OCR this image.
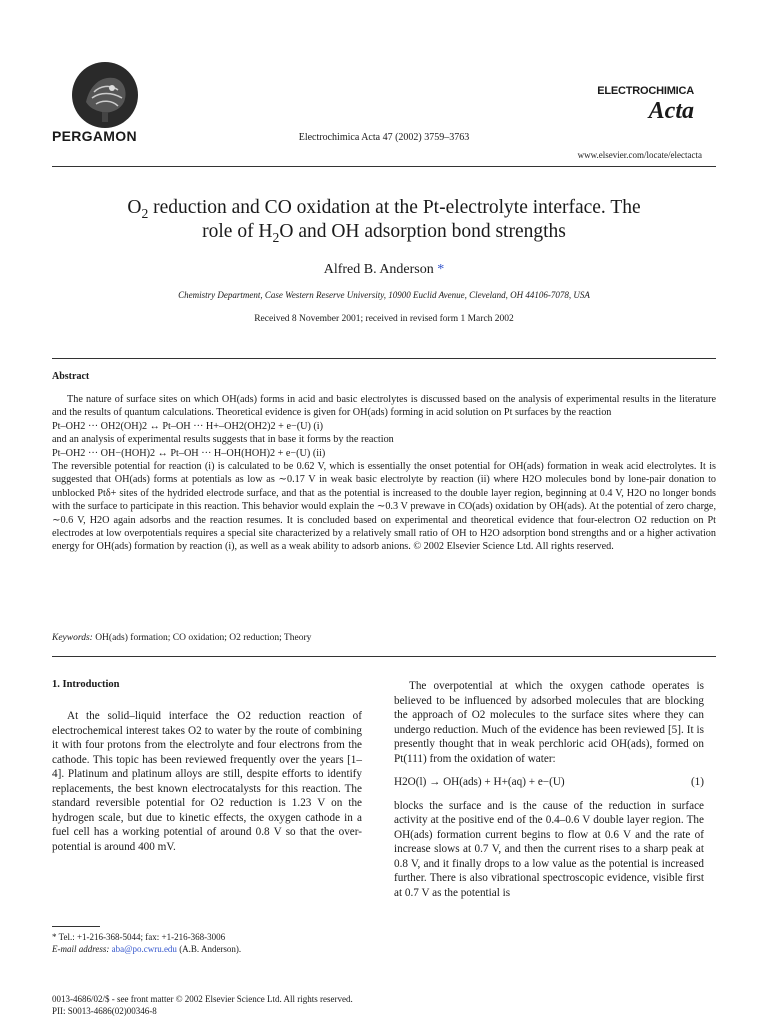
PERGAMON	Electrochimica Acta 47 (2002) 3759–3763
ELECTROCHIMICA
Acta
www.elsevier.com/locate/electacta
$O_2$ reduction and CO oxidation at the Pt-electrolyte interface. The
role of $H_2O$ and OH adsorption bond strengths
Alfred B. Anderson *
Chemistry Department, Case Western Reserve University, 10900 Euclid Avenue, Cleveland, OH 44106-7078, USA
Received 8 November 2001; received in revised form 1 March 2002
Abstract

The nature of surface sites on which OH(ads) forms in acid and basic electrolytes is discussed based on the analysis of experimental results in the literature and the results of quantum calculations. Theoretical evidence is given for OH(ads) forming in acid solution on Pt surfaces by the reaction

Pt–OH2 ··· OH2(OH)2 ↔ Pt–OH ··· H+–OH2(OH2)2 + e−(U) (i)

and an analysis of experimental results suggests that in base it forms by the reaction

Pt–OH2 ··· OH−(HOH)2 ↔ Pt–OH ··· H–OH(HOH)2 + e−(U) (ii)

The reversible potential for reaction (i) is calculated to be 0.62 V, which is essentially the onset potential for OH(ads) formation in weak acid electrolytes. It is suggested that OH(ads) forms at potentials as low as ∼0.17 V in weak basic electrolyte by reaction (ii) where H2O molecules bond by lone-pair donation to unblocked Ptδ+ sites of the hydrided electrode surface, and that as the potential is increased to the double layer region, beginning at 0.4 V, H2O no longer bonds with the surface to participate in this reaction. This behavior would explain the ∼0.3 V prewave in CO(ads) oxidation by OH(ads). At the potential of zero charge, ∼0.6 V, H2O again adsorbs and the reaction resumes. It is concluded based on experimental and theoretical evidence that four-electron O2 reduction on Pt electrodes at low overpotentials requires a special site characterized by a relatively small ratio of OH to H2O adsorption bond strengths and or a higher activation energy for OH(ads) formation by reaction (i), as well as a weak ability to adsorb anions. © 2002 Elsevier Science Ltd. All rights reserved.

Keywords: OH(ads) formation; CO oxidation; O2 reduction; Theory
1. Introduction

At the solid–liquid interface the O2 reduction reaction of electrochemical interest takes O2 to water by the route of combining it with four protons from the electrolyte and four electrons from the cathode. This topic has been reviewed frequently over the years [1–4]. Platinum and platinum alloys are still, despite efforts to identify replacements, the best known electrocatalysts for this reaction. The standard reversible potential for O2 reduction is 1.23 V on the hydrogen scale, but due to kinetic effects, the oxygen cathode in a fuel cell has a working potential of around 0.8 V so that the over-potential is around 400 mV.

The overpotential at which the oxygen cathode operates is believed to be influenced by adsorbed molecules that are blocking the approach of O2 molecules to the surface sites where they can undergo reduction. Much of the evidence has been reviewed [5]. It is presently thought that in weak perchloric acid OH(ads), formed on Pt(111) from the oxidation of water:

H2O(l) → OH(ads) + H+(aq) + e−(U)	(1)

blocks the surface and is the cause of the reduction in surface activity at the positive end of the 0.4–0.6 V double layer region. The OH(ads) formation current begins to flow at 0.6 V and the rate of increase slows at 0.7 V, and then the current rises to a sharp peak at 0.8 V, and it finally drops to a low value as the potential is increased further. There is also vibrational spectroscopic evidence, visible first at 0.7 V as the potential is

* Tel.: +1-216-368-5044; fax: +1-216-368-3006
E-mail address: aba@po.cwru.edu (A.B. Anderson).
0013-4686/02/$ - see front matter © 2002 Elsevier Science Ltd. All rights reserved.
PII: S0013-4686(02)00346-8
